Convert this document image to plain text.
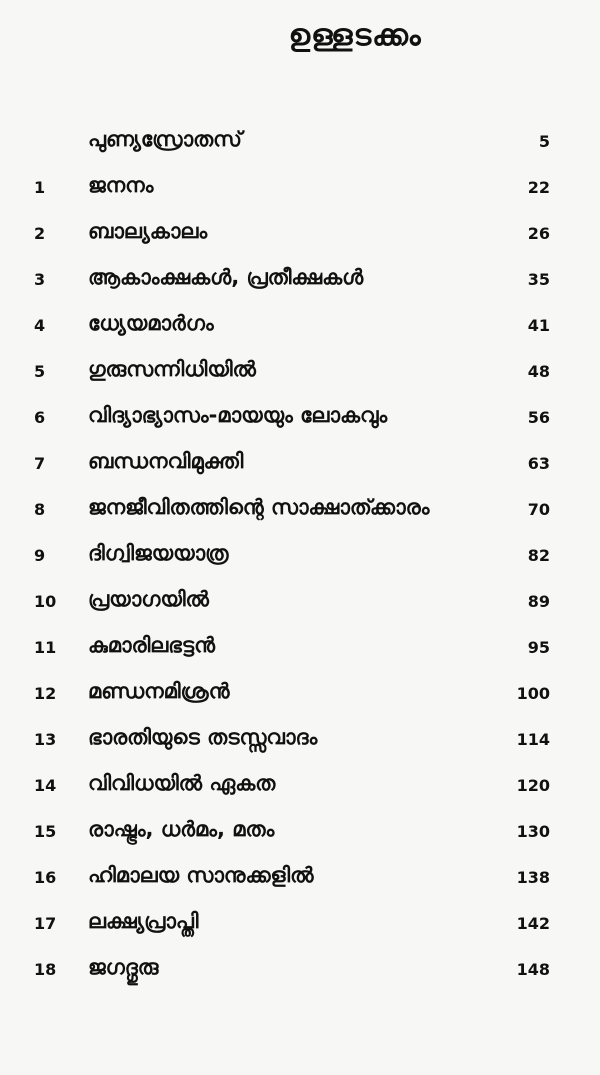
ഉള്ളടക്കം
പുണ്യസ്രോതസ്	5
1 ജനനം	22
2 ബാല്യകാലം	26
3 ആകാംക്ഷകൾ, പ്രതീക്ഷകൾ	35
4 ധ്യേയമാർഗം	41
5 ഗുരുസന്നിധിയിൽ	48
6 വിദ്യാഭ്യാസം-മായയും ലോകവും	56
7 ബന്ധനവിമുക്തി	63
8 ജനജീവിതത്തിന്റെ സാക്ഷാത്ക്കാരം	70
9 ദിഗ്വിജയയാത്ര	82
10 പ്രയാഗയിൽ	89
11 കുമാരിലഭട്ടൻ	95
12 മണ്ഡനമിശ്രൻ	100
13 ഭാരതിയുടെ തടസ്സവാദം	114
14 വിവിധയിൽ ഏകത	120
15 രാഷ്ട്രം, ധർമം, മതം	130
16 ഹിമാലയ സാനുക്കളിൽ	138
17 ലക്ഷ്യപ്രാപ്തി	142
18 ജഗദ്ഗുരു	148
